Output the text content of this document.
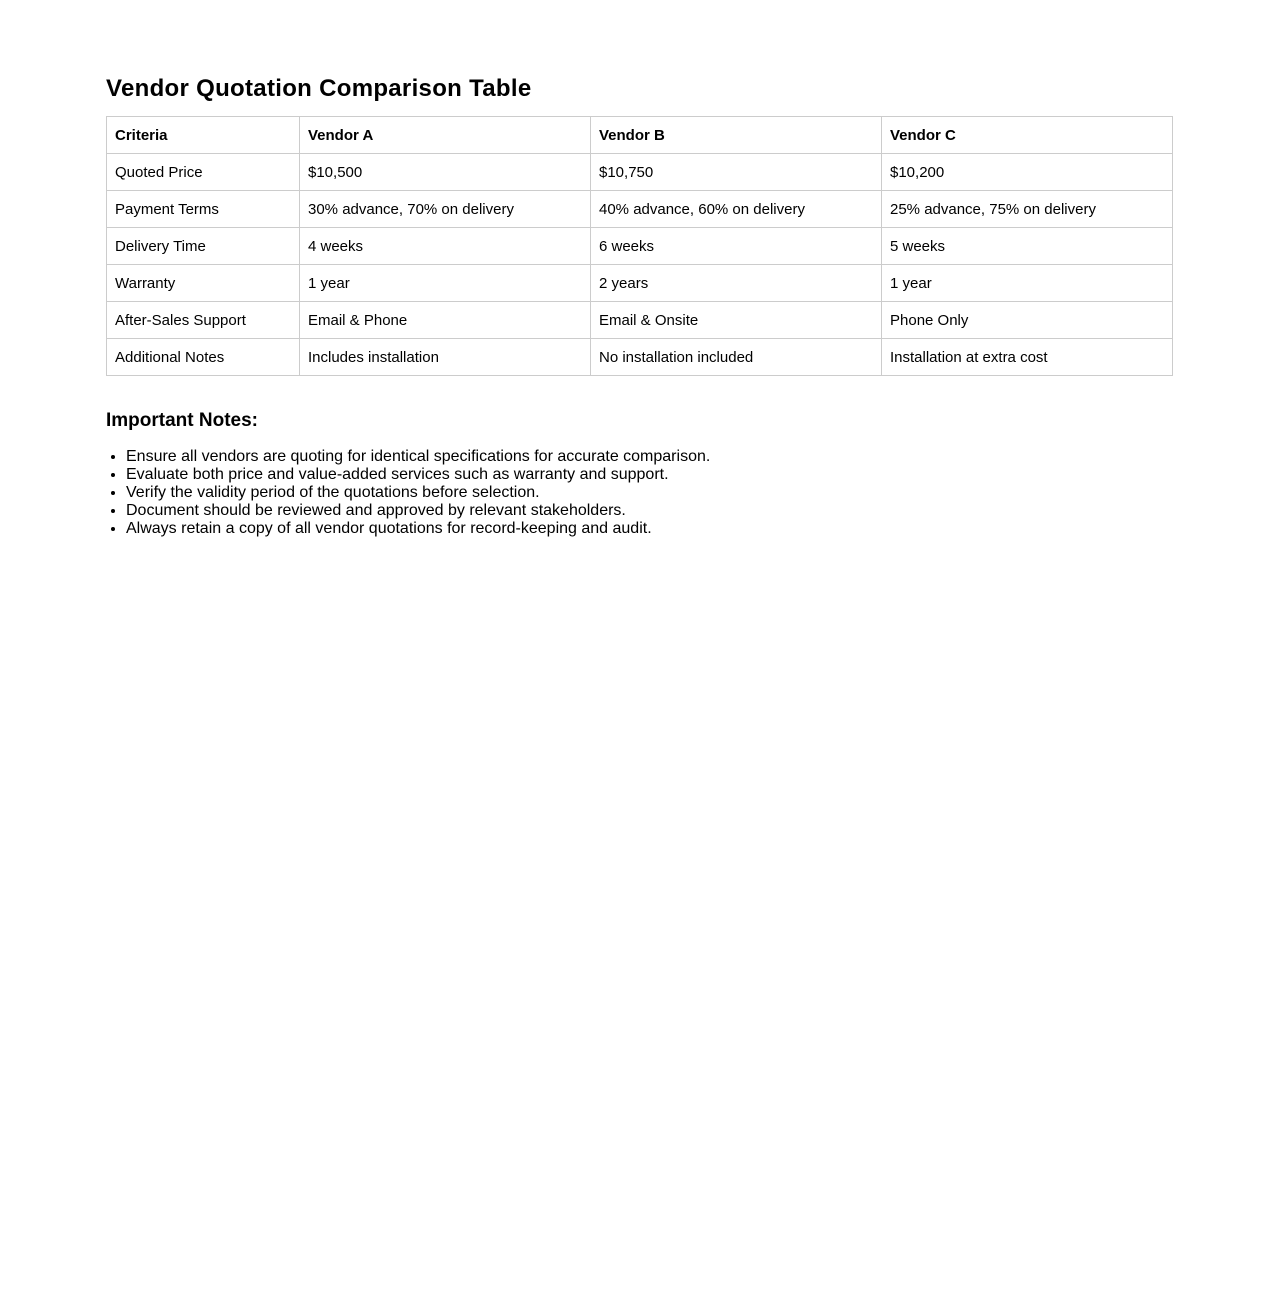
Vendor Quotation Comparison Table
Criteria	Vendor A	Vendor B	Vendor C
Quoted Price	$10,500	$10,750	$10,200
Payment Terms	30% advance, 70% on delivery	40% advance, 60% on delivery	25% advance, 75% on delivery
Delivery Time	4 weeks	6 weeks	5 weeks
Warranty	1 year	2 years	1 year
After-Sales Support	Email & Phone	Email & Onsite	Phone Only
Additional Notes	Includes installation	No installation included	Installation at extra cost
Important Notes:
• Ensure all vendors are quoting for identical specifications for accurate comparison.
• Evaluate both price and value-added services such as warranty and support.
• Verify the validity period of the quotations before selection.
• Document should be reviewed and approved by relevant stakeholders.
• Always retain a copy of all vendor quotations for record-keeping and audit.
